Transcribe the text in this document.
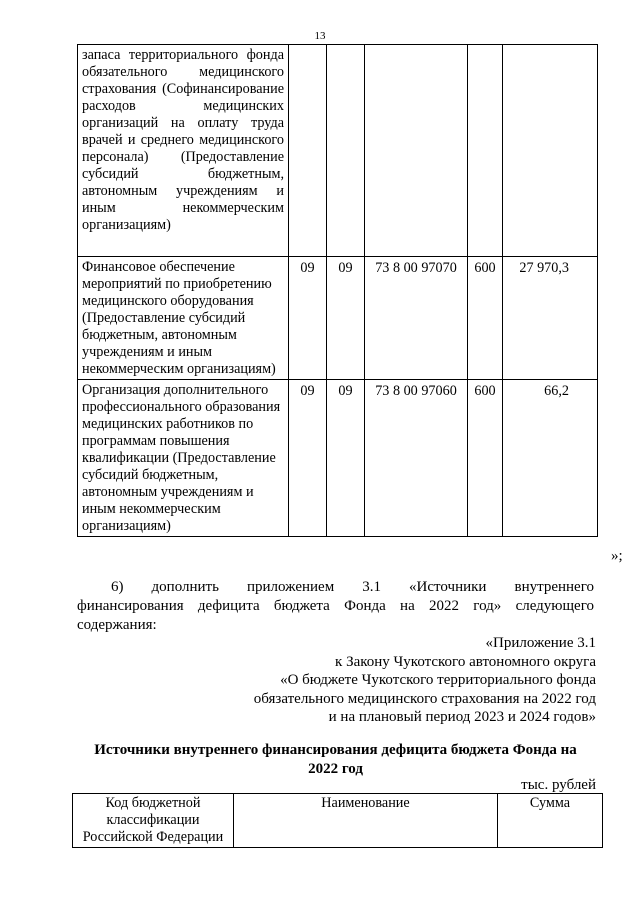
13
запаса территориального фонда обязательного медицинского страхования (Софинансирование расходов медицинских организаций на оплату труда врачей и среднего медицинского персонала) (Предоставление субсидий бюджетным, автономным учреждениям и иным некоммерческим организациям)					
Финансовое обеспечение мероприятий по приобретению медицинского оборудования (Предоставление субсидий бюджетным, автономным учреждениям и иным некоммерческим организациям)	09	09	73 8 00 97070	600	27 970,3
Организация дополнительного профессионального образования медицинских работников по программам повышения квалификации (Предоставление субсидий бюджетным, автономным учреждениям и иным некоммерческим организациям)	09	09	73 8 00 97060	600	66,2
»;
6) дополнить приложением 3.1 «Источники внутреннего
финансирования дефицита бюджета Фонда на 2022 год» следующего содержания:
«Приложение 3.1
к Закону Чукотского автономного округа
«О бюджете Чукотского территориального фонда
обязательного медицинского страхования на 2022 год
и на плановый период 2023 и 2024 годов»
Источники внутреннего финансирования дефицита бюджета Фонда на
2022 год
тыс. рублей
Код бюджетной классификации Российской Федерации	Наименование	Сумма
